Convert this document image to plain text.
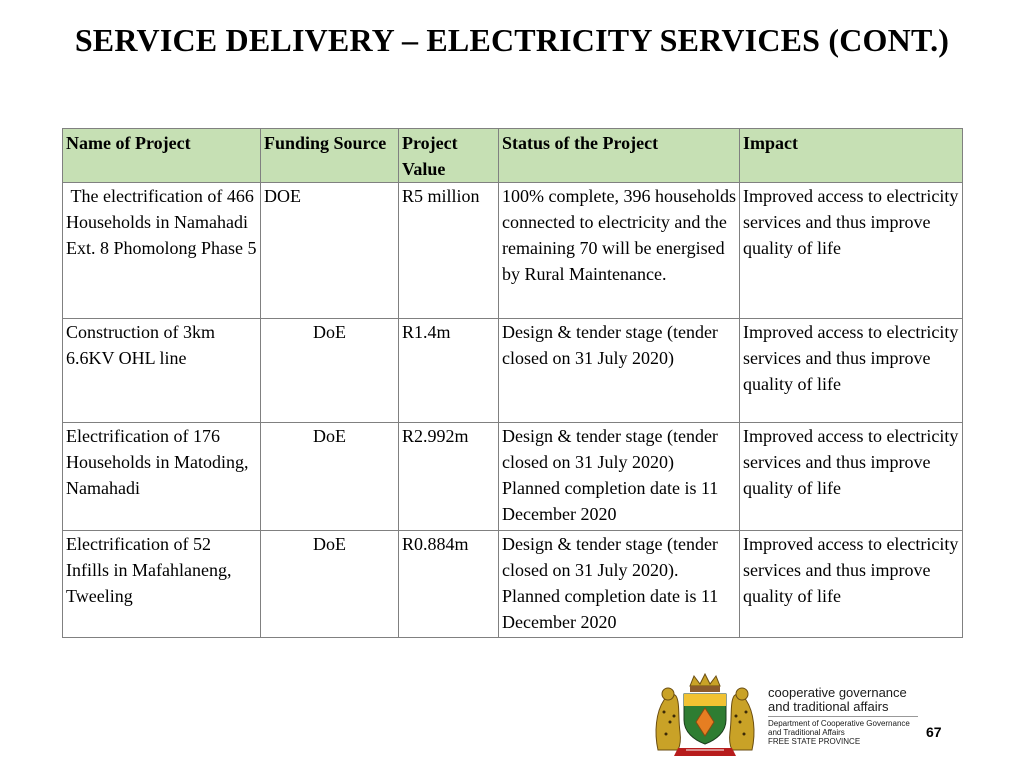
SERVICE DELIVERY – ELECTRICITY SERVICES (CONT.)
Name of Project	Funding Source	Project Value	Status of the Project	Impact
The electrification of 466 Households in Namahadi Ext. 8 Phomolong Phase 5	DOE	R5 million	100% complete, 396 households connected to electricity and the remaining 70 will be energised by Rural Maintenance.	Improved access to electricity services and thus improve quality of life
Construction of 3km 6.6KV OHL line	DoE	R1.4m	Design & tender stage (tender closed on 31 July 2020)	Improved access to electricity services and thus improve quality of life
Electrification of 176 Households in Matoding, Namahadi	DoE	R2.992m	Design & tender stage (tender closed on 31 July 2020) Planned completion date is 11 December 2020	Improved access to electricity services and thus improve quality of life
Electrification of 52 Infills in Mafahlaneng, Tweeling	DoE	R0.884m	Design & tender stage (tender closed on 31 July 2020). Planned completion date is 11 December 2020	Improved access to electricity services and thus improve quality of life
cooperative governance
and traditional affairs
Department of Cooperative Governance
and Traditional Affairs
FREE STATE PROVINCE
67
